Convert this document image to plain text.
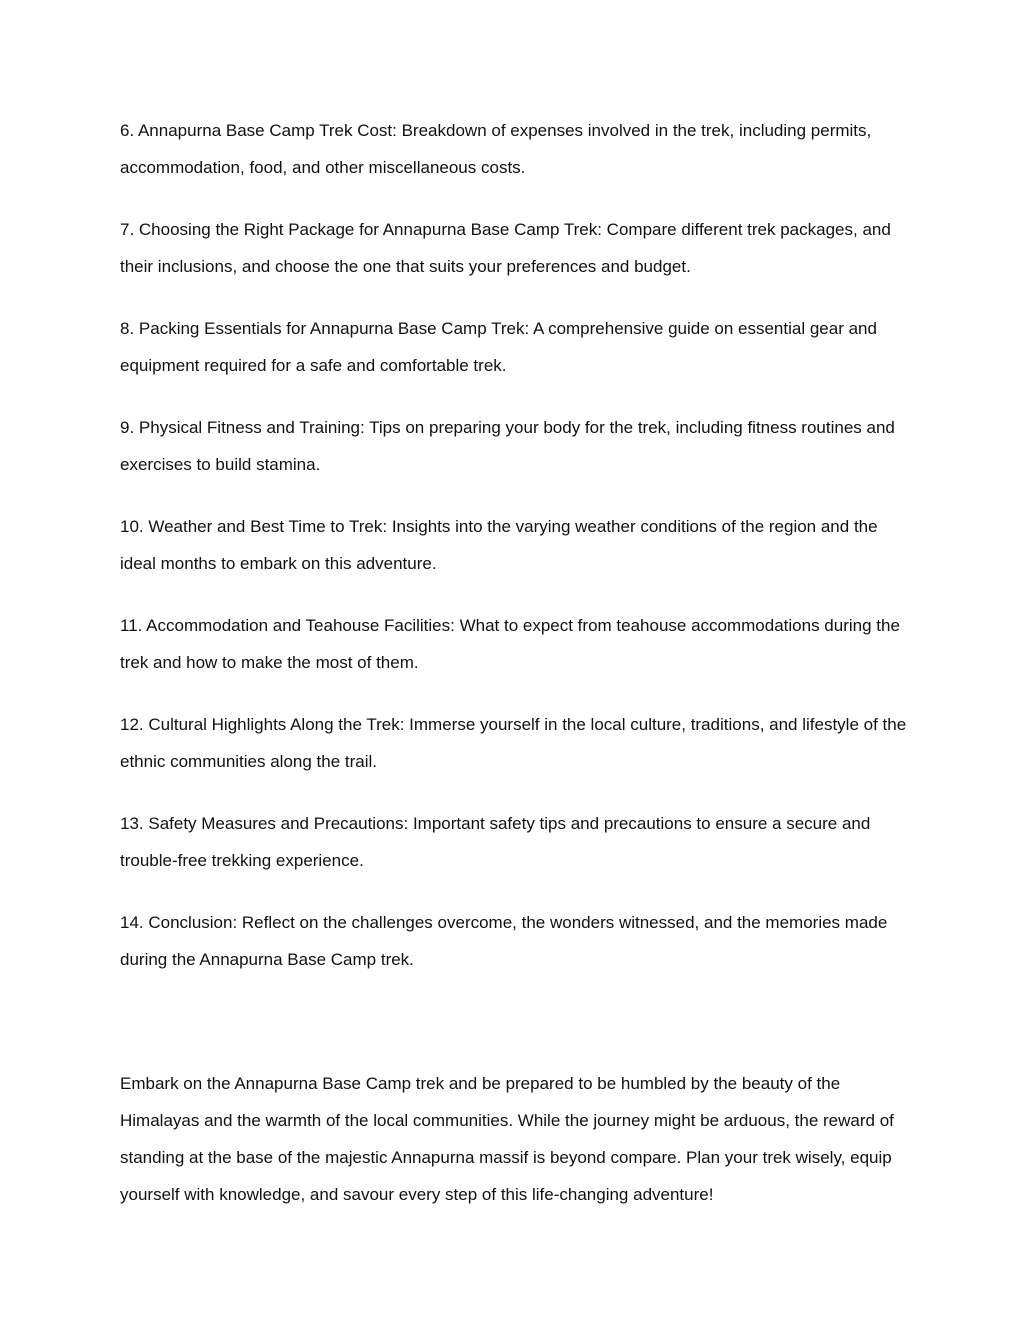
6. Annapurna Base Camp Trek Cost: Breakdown of expenses involved in the trek, including permits, accommodation, food, and other miscellaneous costs.

7. Choosing the Right Package for Annapurna Base Camp Trek: Compare different trek packages, and their inclusions, and choose the one that suits your preferences and budget.

8. Packing Essentials for Annapurna Base Camp Trek: A comprehensive guide on essential gear and equipment required for a safe and comfortable trek.

9. Physical Fitness and Training: Tips on preparing your body for the trek, including fitness routines and exercises to build stamina.

10. Weather and Best Time to Trek: Insights into the varying weather conditions of the region and the ideal months to embark on this adventure.

11. Accommodation and Teahouse Facilities: What to expect from teahouse accommodations during the trek and how to make the most of them.

12. Cultural Highlights Along the Trek: Immerse yourself in the local culture, traditions, and lifestyle of the ethnic communities along the trail.

13. Safety Measures and Precautions: Important safety tips and precautions to ensure a secure and trouble-free trekking experience.

14. Conclusion: Reflect on the challenges overcome, the wonders witnessed, and the memories made during the Annapurna Base Camp trek.

Embark on the Annapurna Base Camp trek and be prepared to be humbled by the beauty of the Himalayas and the warmth of the local communities. While the journey might be arduous, the reward of standing at the base of the majestic Annapurna massif is beyond compare. Plan your trek wisely, equip yourself with knowledge, and savour every step of this life-changing adventure!
